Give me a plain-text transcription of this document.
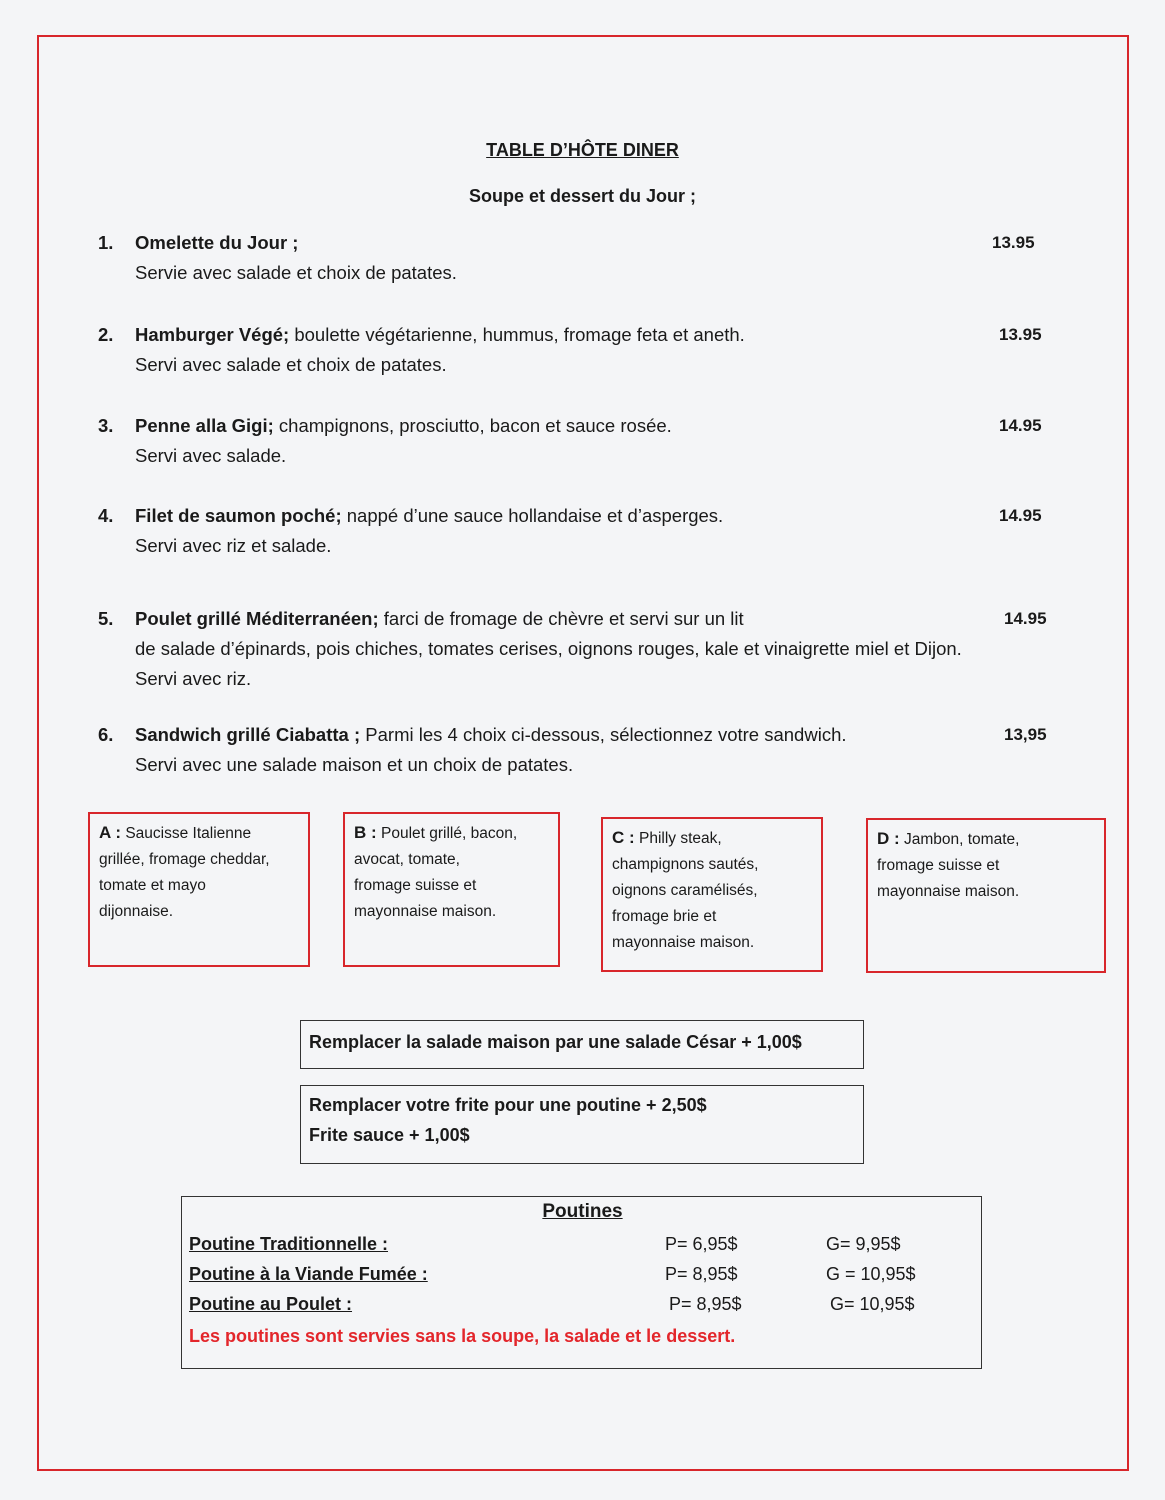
TABLE D’HÔTE DINER
Soupe et dessert du Jour ;
1.	Omelette du Jour ;
Servie avec salade et choix de patates.
13.95
2.	Hamburger Végé; boulette végétarienne, hummus, fromage feta et aneth.
Servi avec salade et choix de patates.
13.95
3.	Penne alla Gigi; champignons, prosciutto, bacon et sauce rosée.
Servi avec salade.
14.95
4.	Filet de saumon poché; nappé d’une sauce hollandaise et d’asperges.
Servi avec riz et salade.
14.95
5.	Poulet grillé Méditerranéen; farci de fromage de chèvre et servi sur un lit
de salade d’épinards, pois chiches, tomates cerises, oignons rouges, kale et vinaigrette miel et Dijon.
Servi avec riz.
14.95
6.	Sandwich grillé Ciabatta ; Parmi les 4 choix ci-dessous, sélectionnez votre sandwich.
Servi avec une salade maison et un choix de patates.
13,95
A : Saucisse Italienne
grillée, fromage cheddar,
tomate et mayo
dijonnaise.
B : Poulet grillé, bacon,
avocat, tomate,
fromage suisse et
mayonnaise maison.
C : Philly steak,
champignons sautés,
oignons caramélisés,
fromage brie et
mayonnaise maison.
D : Jambon, tomate,
fromage suisse et
mayonnaise maison.
Remplacer la salade maison par une salade César + 1,00$
Remplacer votre frite pour une poutine + 2,50$
Frite sauce + 1,00$
Poutines
Poutine Traditionnelle :	P= 6,95$	G= 9,95$
Poutine à la Viande Fumée :	P= 8,95$	G = 10,95$
Poutine au Poulet :	P= 8,95$	G= 10,95$
Les poutines sont servies sans la soupe, la salade et le dessert.
